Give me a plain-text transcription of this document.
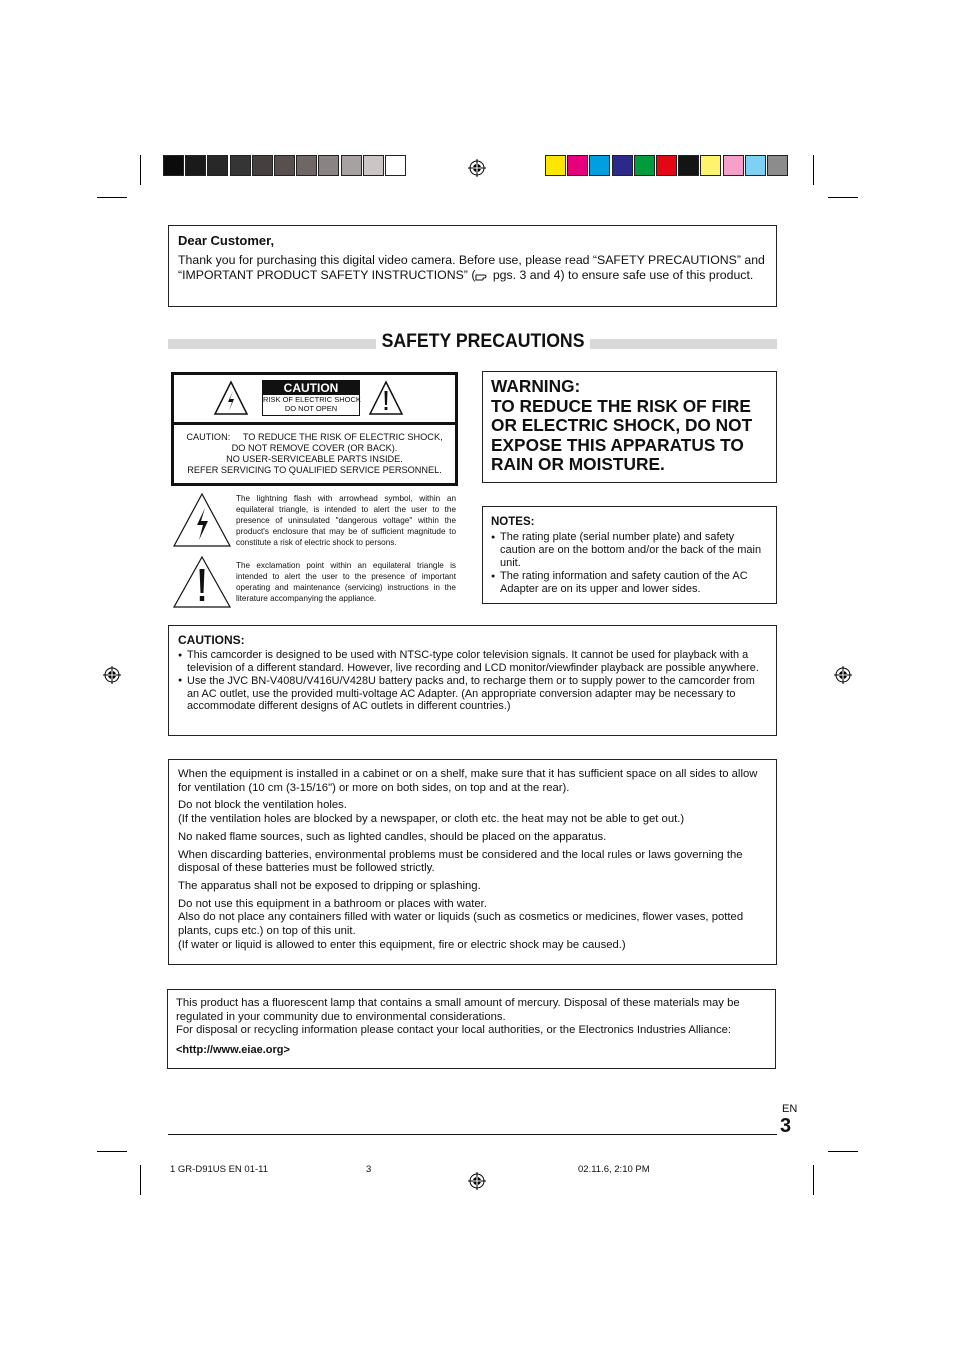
Dear Customer,

Thank you for purchasing this digital video camera. Before use, please read “SAFETY PRECAUTIONS” and “IMPORTANT PRODUCT SAFETY INSTRUCTIONS” ( pgs. 3 and 4) to ensure safe use of this product.

SAFETY PRECAUTIONS
CAUTION
RISK OF ELECTRIC SHOCK
DO NOT OPEN
CAUTION:     TO REDUCE THE RISK OF ELECTRIC SHOCK,
DO NOT REMOVE COVER (OR BACK).
NO USER-SERVICEABLE PARTS INSIDE.
REFER SERVICING TO QUALIFIED SERVICE PERSONNEL.
The lightning flash with arrowhead symbol, within an equilateral triangle, is intended to alert the user to the presence of uninsulated "dangerous voltage" within the product's enclosure that may be of sufficient magnitude to constitute a risk of electric shock to persons.
The exclamation point within an equilateral triangle is intended to alert the user to the presence of important operating and maintenance (servicing) instructions in the literature accompanying the appliance.
WARNING:
TO REDUCE THE RISK OF FIRE OR ELECTRIC SHOCK, DO NOT EXPOSE THIS APPARATUS TO RAIN OR MOISTURE.
NOTES:
● The rating plate (serial number plate) and safety caution are on the bottom and/or the back of the main unit.
● The rating information and safety caution of the AC Adapter are on its upper and lower sides.
CAUTIONS:
● This camcorder is designed to be used with NTSC-type color television signals. It cannot be used for playback with a television of a different standard. However, live recording and LCD monitor/viewfinder playback are possible anywhere.
● Use the JVC BN-V408U/V416U/V428U battery packs and, to recharge them or to supply power to the camcorder from an AC outlet, use the provided multi-voltage AC Adapter. (An appropriate conversion adapter may be necessary to accommodate different designs of AC outlets in different countries.)

When the equipment is installed in a cabinet or on a shelf, make sure that it has sufficient space on all sides to allow for ventilation (10 cm (3-15/16") or more on both sides, on top and at the rear).

Do not block the ventilation holes.

(If the ventilation holes are blocked by a newspaper, or cloth etc. the heat may not be able to get out.)

No naked flame sources, such as lighted candles, should be placed on the apparatus.

When discarding batteries, environmental problems must be considered and the local rules or laws governing the disposal of these batteries must be followed strictly.

The apparatus shall not be exposed to dripping or splashing.

Do not use this equipment in a bathroom or places with water.

Also do not place any containers filled with water or liquids (such as cosmetics or medicines, flower vases, potted plants, cups etc.) on top of this unit.

(If water or liquid is allowed to enter this equipment, fire or electric shock may be caused.)

This product has a fluorescent lamp that contains a small amount of mercury. Disposal of these materials may be regulated in your community due to environmental considerations.

For disposal or recycling information please contact your local authorities, or the Electronics Industries Alliance:

<http://www.eiae.org>

EN
3
1 GR-D91US EN 01-11	3	02.11.6, 2:10 PM
